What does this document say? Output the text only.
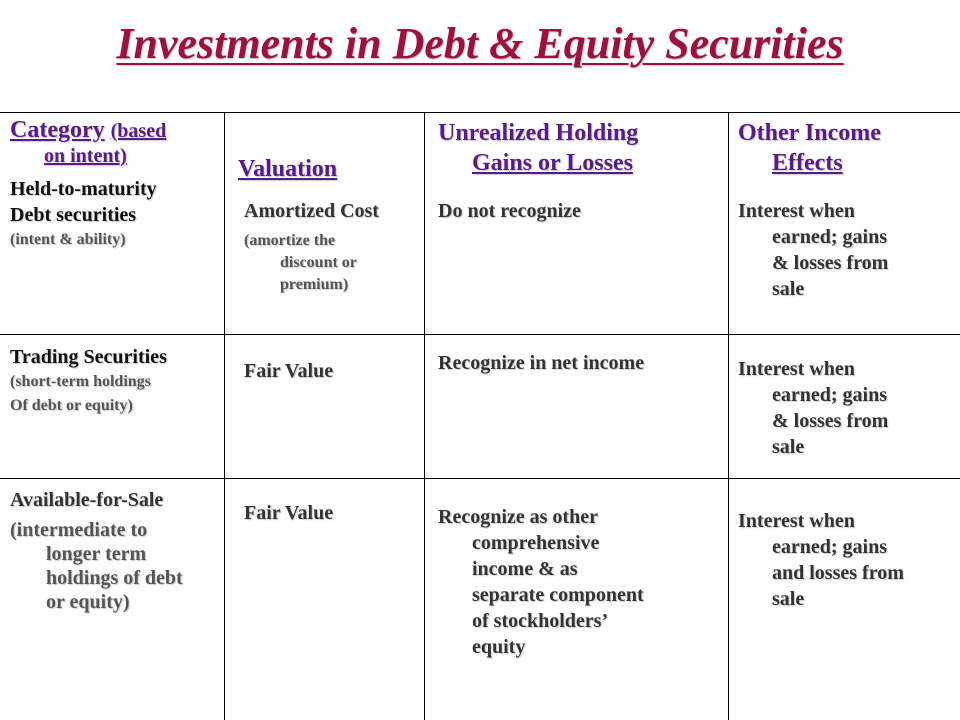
Investments in Debt & Equity Securities
Category (based
on intent)
Held-to-maturity
Debt securities
(intent & ability)
Trading Securities
(short-term holdings
Of debt or equity)
Available-for-Sale
(intermediate to
longer term
holdings of debt
or equity)
Valuation
Amortized Cost
(amortize the
discount or
premium)
Fair Value
Fair Value
Unrealized Holding
Gains or Losses
Do not recognize
Recognize in net income
Recognize as other
comprehensive
income & as
separate component
of stockholders’
equity
Other Income
Effects
Interest when
earned; gains
& losses from
sale
Interest when
earned; gains
& losses from
sale
Interest when
earned; gains
and losses from
sale
